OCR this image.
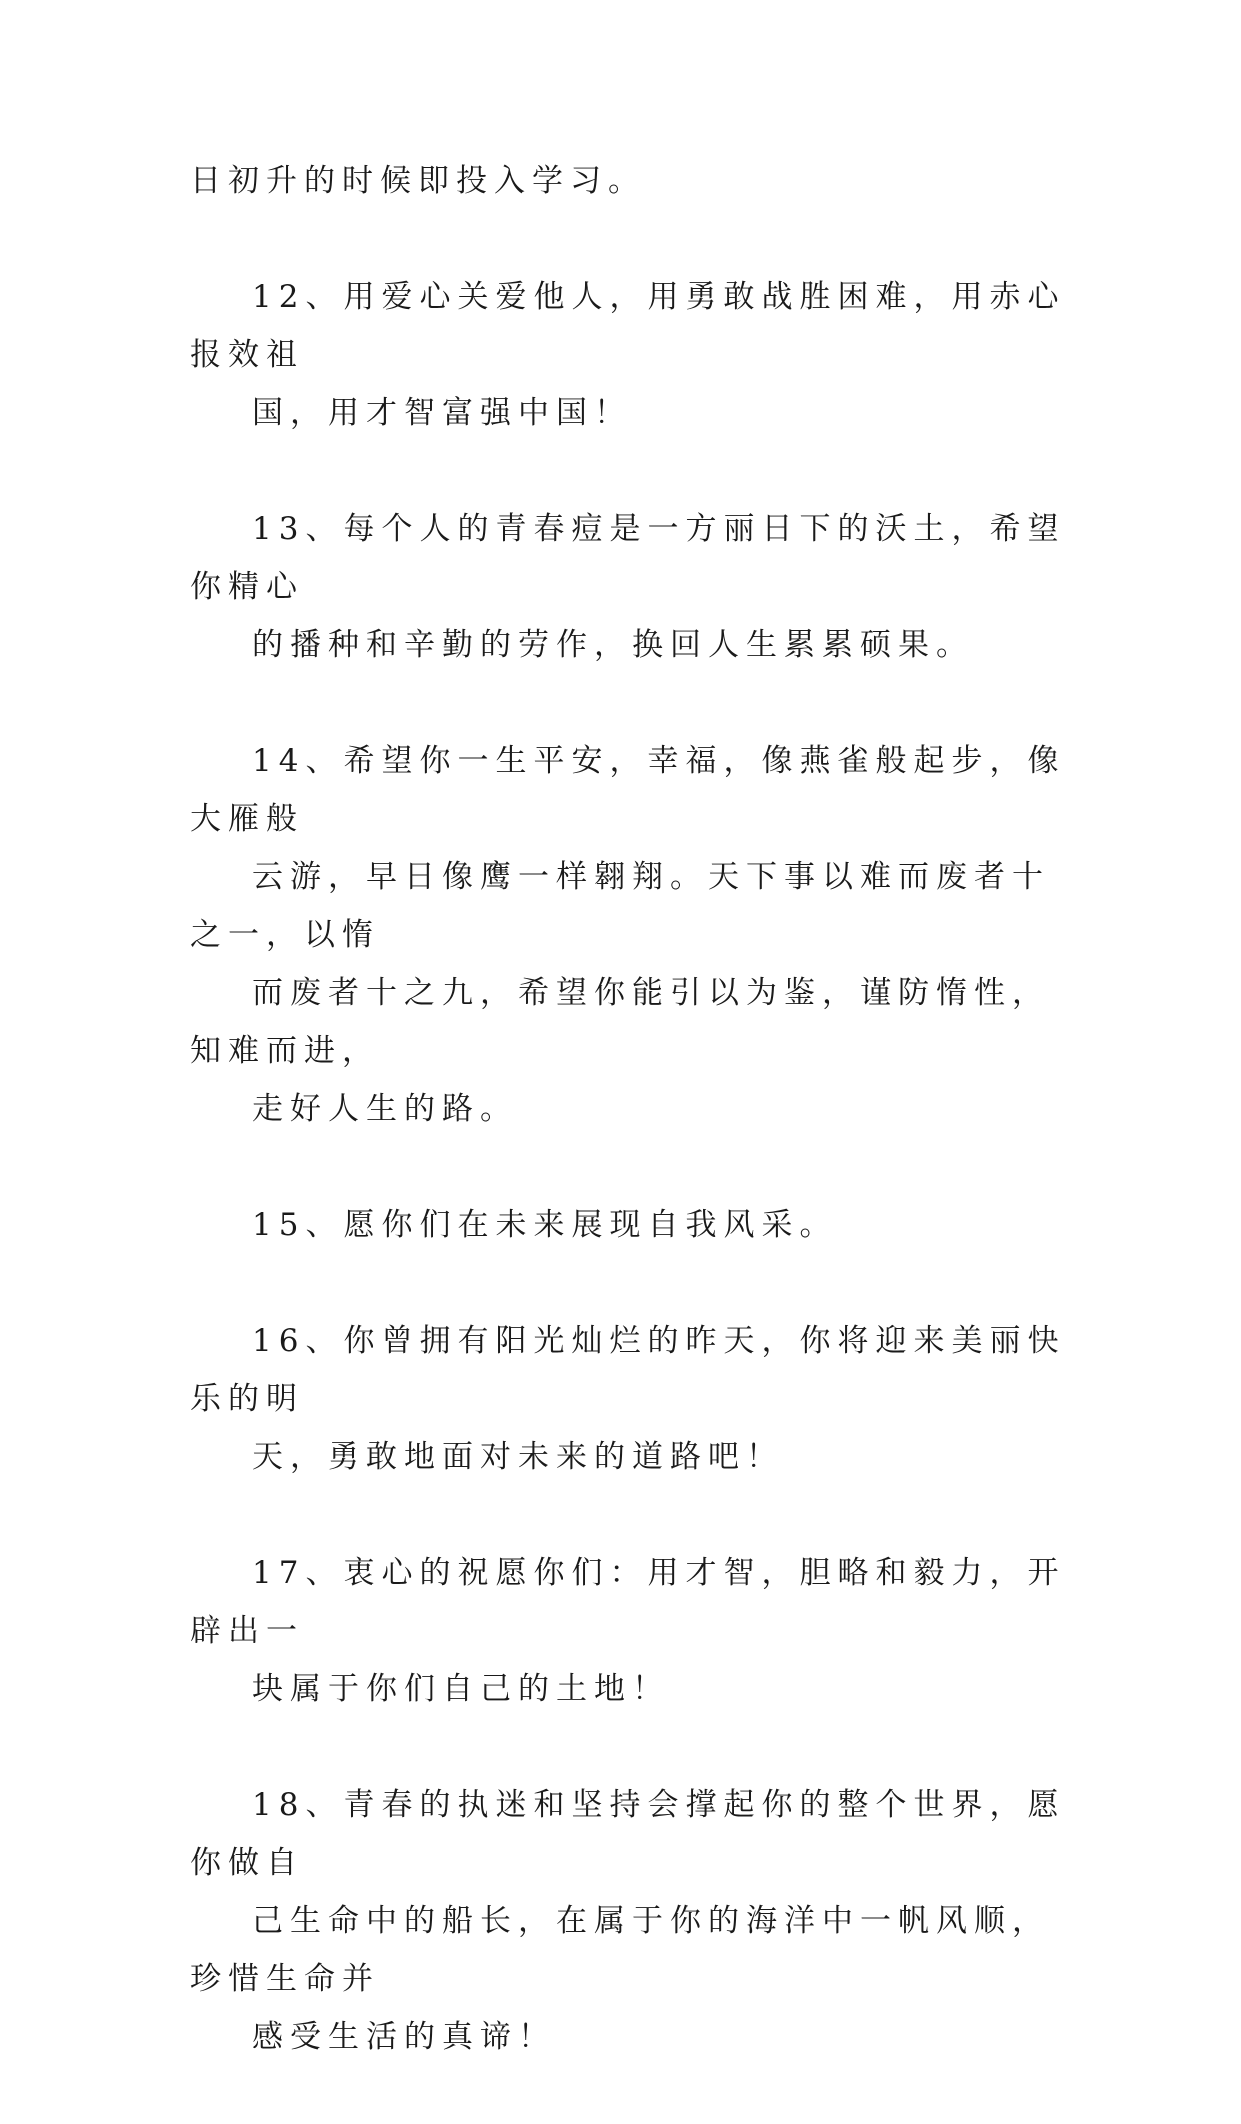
日初升的时候即投入学习。

12、用爱心关爱他人，用勇敢战胜困难，用赤心报效祖
国，用才智富强中国！

13、每个人的青春痘是一方丽日下的沃土，希望你精心
的播种和辛勤的劳作，换回人生累累硕果。

14、希望你一生平安，幸福，像燕雀般起步，像大雁般
云游，早日像鹰一样翱翔。天下事以难而废者十之一，以惰
而废者十之九，希望你能引以为鉴，谨防惰性，知难而进，
走好人生的路。

15、愿你们在未来展现自我风采。

16、你曾拥有阳光灿烂的昨天，你将迎来美丽快乐的明
天，勇敢地面对未来的道路吧！

17、衷心的祝愿你们：用才智，胆略和毅力，开辟出一
块属于你们自己的土地！

18、青春的执迷和坚持会撑起你的整个世界，愿你做自
己生命中的船长，在属于你的海洋中一帆风顺，珍惜生命并
感受生活的真谛！
